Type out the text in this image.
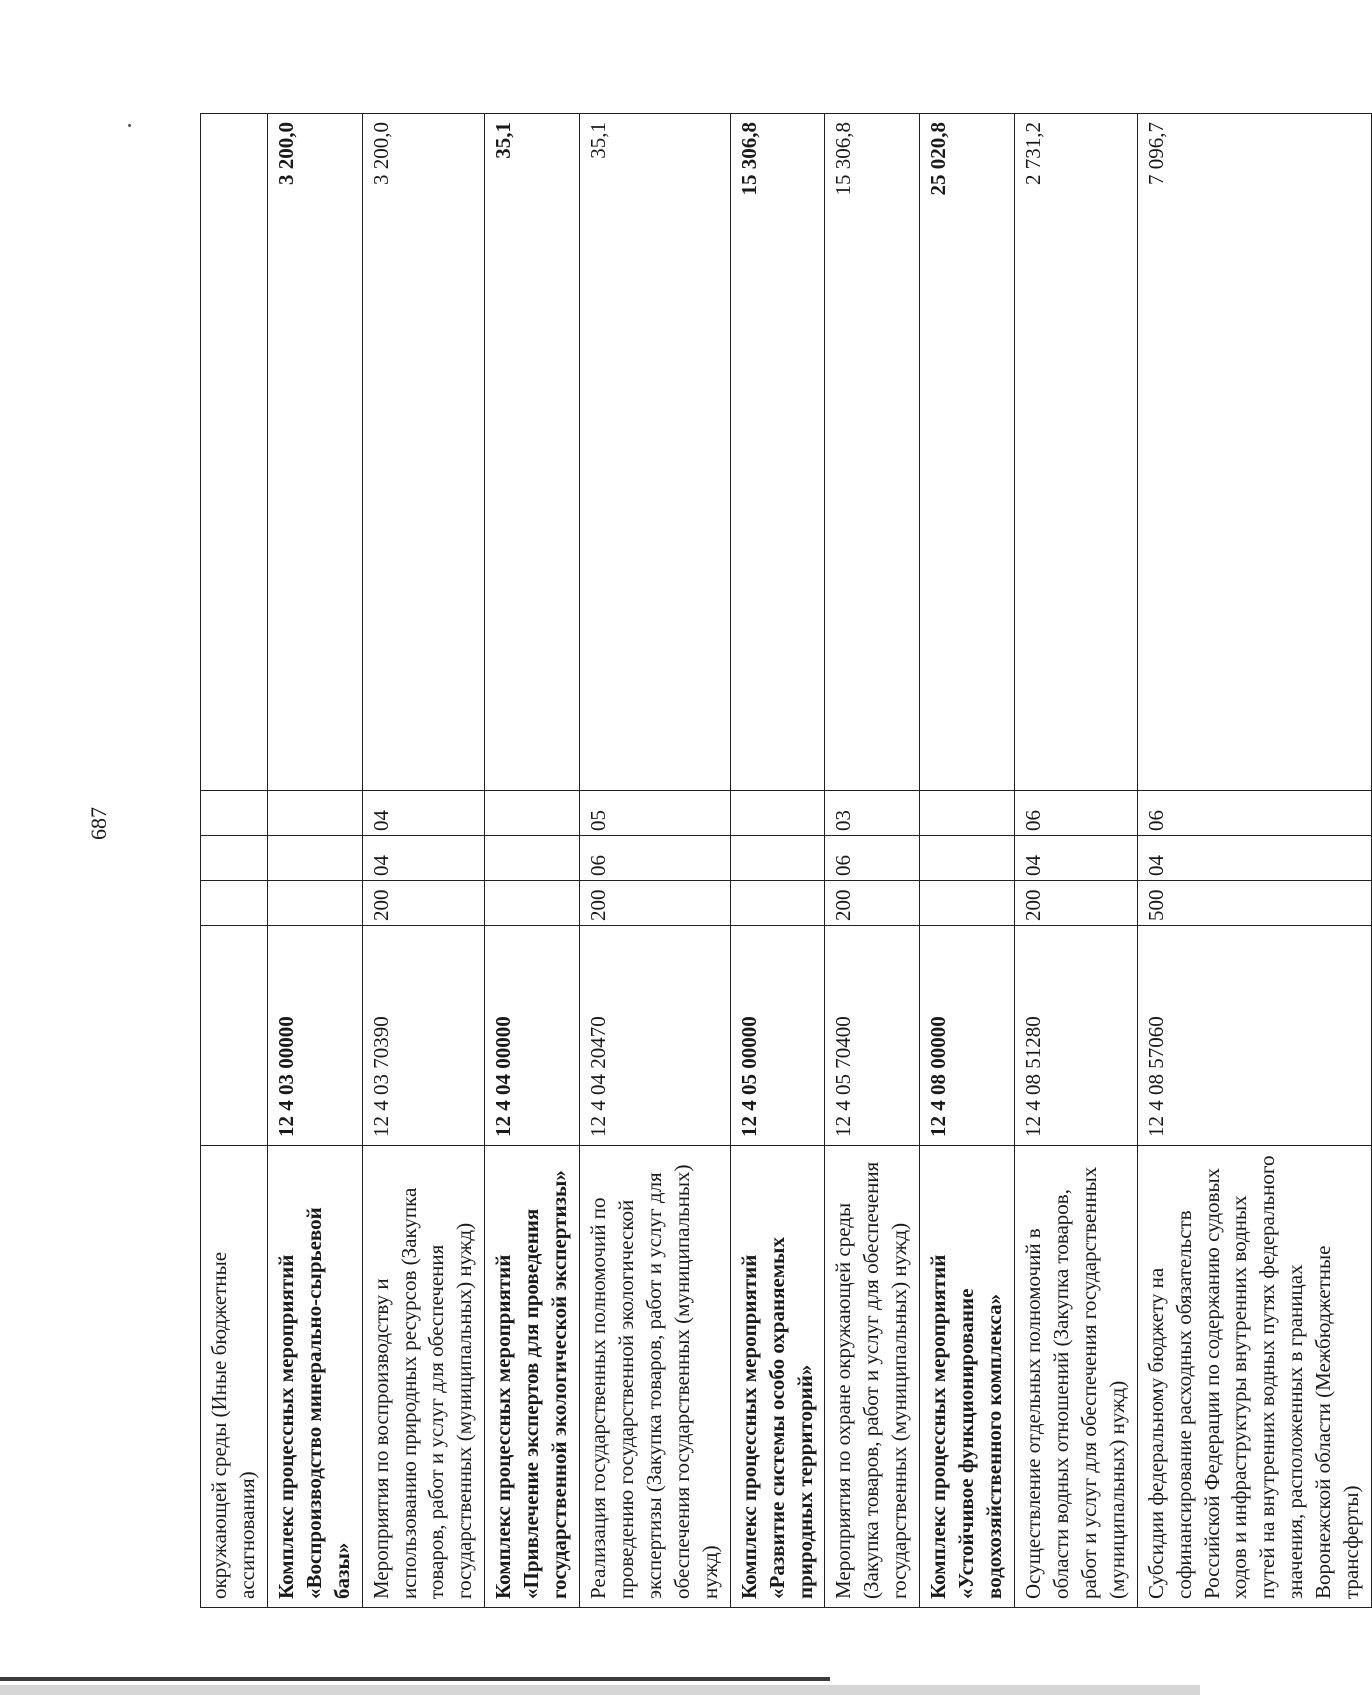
687
окружающей среды (Иные бюджетные ассигнования)					
Комплекс процессных мероприятий «Воспроизводство минерально-сырьевой базы»	12 4 03 00000				3 200,0
Мероприятия по воспроизводству и использованию природных ресурсов (Закупка товаров, работ и услуг для обеспечения государственных (муниципальных) нужд)	12 4 03 70390	200	04	04	3 200,0
Комплекс процессных мероприятий «Привлечение экспертов для проведения государственной экологической экспертизы»	12 4 04 00000				35,1
Реализация государственных полномочий по проведению государственной экологической экспертизы (Закупка товаров, работ и услуг для обеспечения государственных (муниципальных) нужд)	12 4 04 20470	200	06	05	35,1
Комплекс процессных мероприятий «Развитие системы особо охраняемых природных территорий»	12 4 05 00000				15 306,8
Мероприятия по охране окружающей среды (Закупка товаров, работ и услуг для обеспечения государственных (муниципальных) нужд)	12 4 05 70400	200	06	03	15 306,8
Комплекс процессных мероприятий «Устойчивое функционирование водохозяйственного комплекса»	12 4 08 00000				25 020,8
Осуществление отдельных полномочий в области водных отношений (Закупка товаров, работ и услуг для обеспечения государственных (муниципальных) нужд)	12 4 08 51280	200	04	06	2 731,2
Субсидии федеральному бюджету на софинансирование расходных обязательств Российской Федерации по содержанию судовых ходов и инфраструктуры внутренних водных путей на внутренних водных путях федерального значения, расположенных в границах Воронежской области (Межбюджетные трансферты)	12 4 08 57060	500	04	06	7 096,7
